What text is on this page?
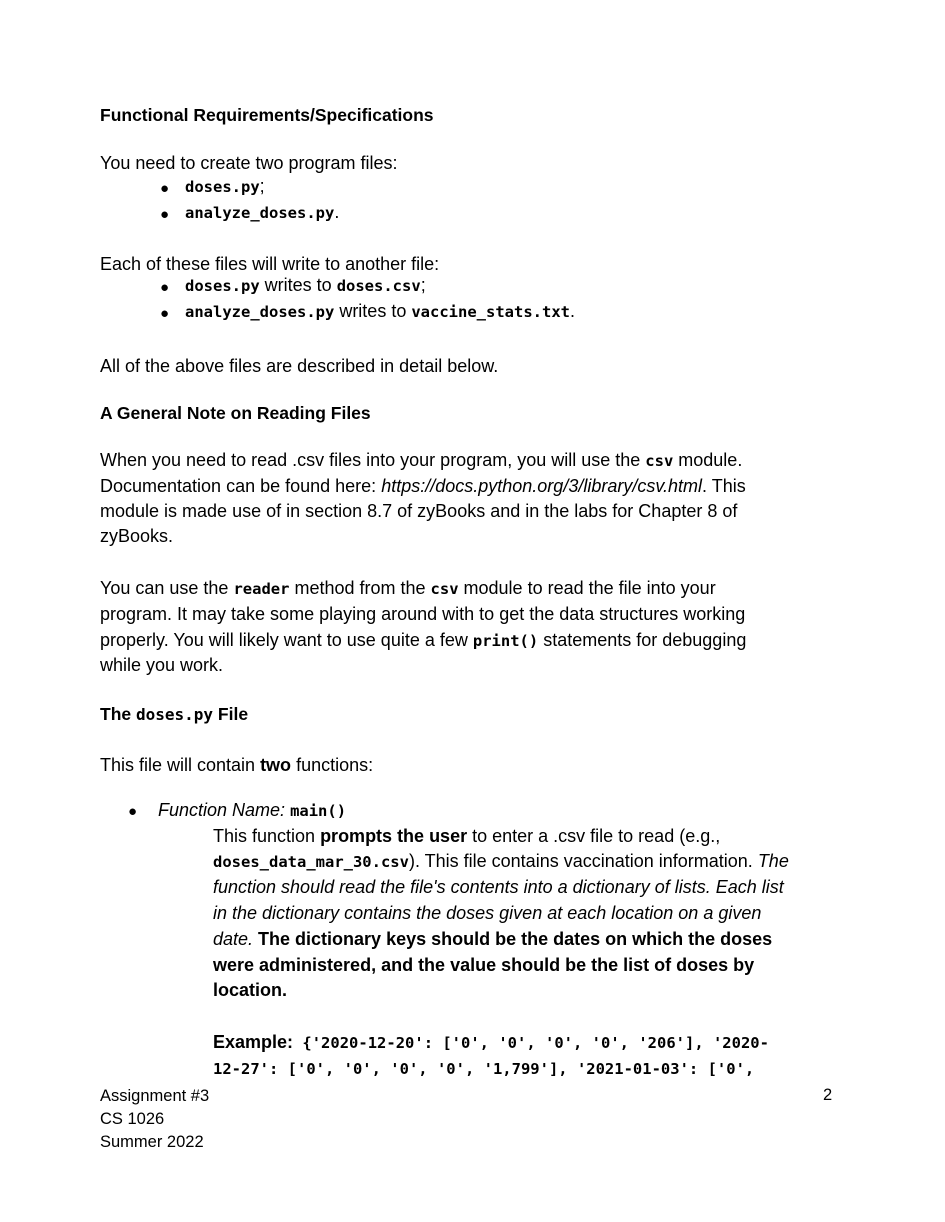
Functional Requirements/Specifications
You need to create two program files:
● doses.py;
● analyze_doses.py.
Each of these files will write to another file:
● doses.py writes to doses.csv;
● analyze_doses.py writes to vaccine_stats.txt.
All of the above files are described in detail below.
A General Note on Reading Files
When you need to read .csv files into your program, you will use the csv module.
Documentation can be found here: https://docs.python.org/3/library/csv.html. This
module is made use of in section 8.7 of zyBooks and in the labs for Chapter 8 of
zyBooks.
You can use the reader method from the csv module to read the file into your
program. It may take some playing around with to get the data structures working
properly. You will likely want to use quite a few print() statements for debugging
while you work.
The doses.py File
This file will contain two functions:
● Function Name: main()
This function prompts the user to enter a .csv file to read (e.g.,
doses_data_mar_30.csv). This file contains vaccination information. The
function should read the file's contents into a dictionary of lists. Each list
in the dictionary contains the doses given at each location on a given
date. The dictionary keys should be the dates on which the doses
were administered, and the value should be the list of doses by
location.
Example: {'2020-12-20': ['0', '0', '0', '0', '206'], '2020-
12-27': ['0', '0', '0', '0', '1,799'], '2021-01-03': ['0',
Assignment #3
CS 1026
Summer 2022
2
